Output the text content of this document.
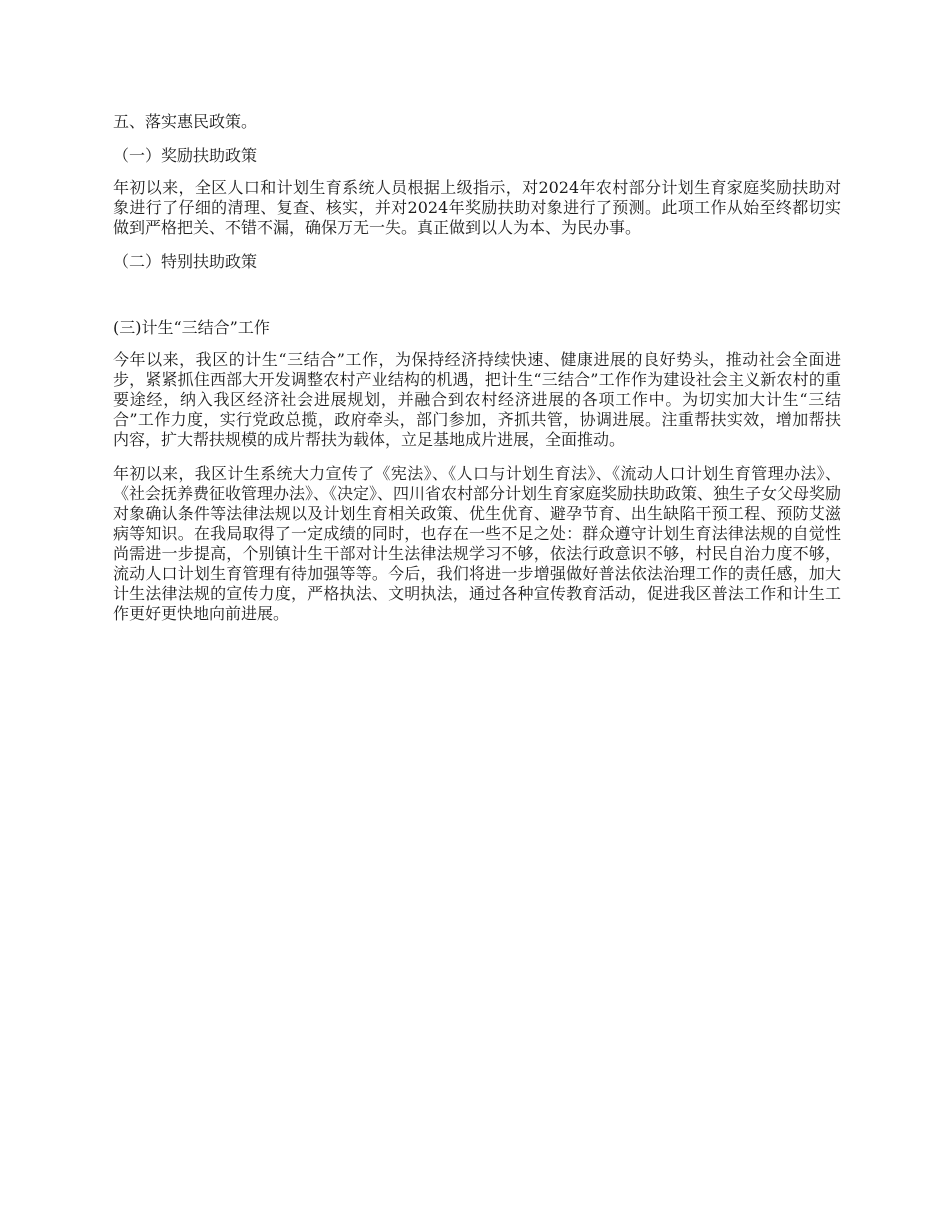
五、落实惠民政策。

（一）奖励扶助政策

年初以来，全区人口和计划生育系统人员根据上级指示，对2024年农村部分计划生育家庭奖励扶助对象进行了仔细的清理、复查、核实，并对2024年奖励扶助对象进行了预测。此项工作从始至终都切实做到严格把关、不错不漏，确保万无一失。真正做到以人为本、为民办事。

（二）特别扶助政策

(三)计生“三结合”工作

今年以来，我区的计生“三结合”工作，为保持经济持续快速、健康进展的良好势头，推动社会全面进步，紧紧抓住西部大开发调整农村产业结构的机遇，把计生“三结合”工作作为建设社会主义新农村的重要途经，纳入我区经济社会进展规划，并融合到农村经济进展的各项工作中。为切实加大计生“三结合”工作力度，实行党政总揽，政府牵头，部门参加，齐抓共管，协调进展。注重帮扶实效，增加帮扶内容，扩大帮扶规模的成片帮扶为载体，立足基地成片进展，全面推动。

年初以来，我区计生系统大力宣传了《宪法》、《人口与计划生育法》、《流动人口计划生育管理办法》、《社会抚养费征收管理办法》、《决定》、四川省农村部分计划生育家庭奖励扶助政策、独生子女父母奖励对象确认条件等法律法规以及计划生育相关政策、优生优育、避孕节育、出生缺陷干预工程、预防艾滋病等知识。在我局取得了一定成绩的同时，也存在一些不足之处：群众遵守计划生育法律法规的自觉性尚需进一步提高，个别镇计生干部对计生法律法规学习不够，依法行政意识不够，村民自治力度不够，流动人口计划生育管理有待加强等等。今后，我们将进一步增强做好普法依法治理工作的责任感，加大计生法律法规的宣传力度，严格执法、文明执法，通过各种宣传教育活动，促进我区普法工作和计生工作更好更快地向前进展。
